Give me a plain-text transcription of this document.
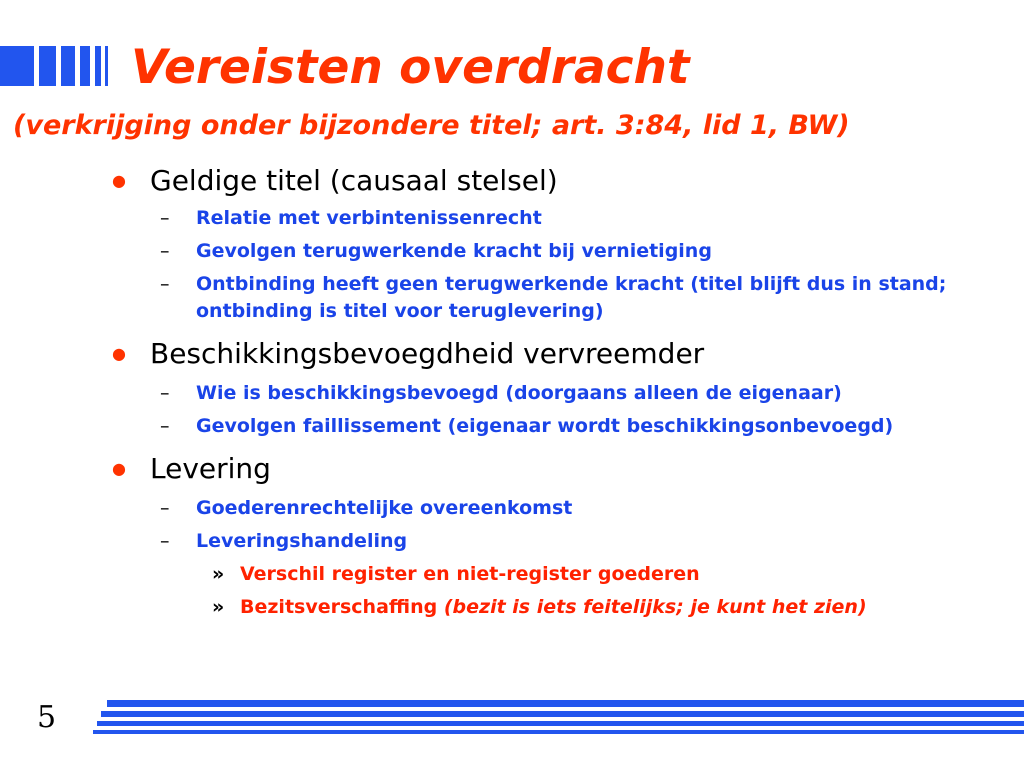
Vereisten overdracht
(verkrijging onder bijzondere titel; art. 3:84, lid 1, BW)
● Geldige titel (causaal stelsel)
– Relatie met verbintenissenrecht
– Gevolgen terugwerkende kracht bij vernietiging
– Ontbinding heeft geen terugwerkende kracht (titel blijft dus in stand; ontbinding is titel voor teruglevering)
● Beschikkingsbevoegdheid vervreemder
– Wie is beschikkingsbevoegd (doorgaans alleen de eigenaar)
– Gevolgen faillissement (eigenaar wordt beschikkingsonbevoegd)
● Levering
– Goederenrechtelijke overeenkomst
– Leveringshandeling
» Verschil register en niet-register goederen
» Bezitsverschaffing (bezit is iets feitelijks; je kunt het zien)
5
